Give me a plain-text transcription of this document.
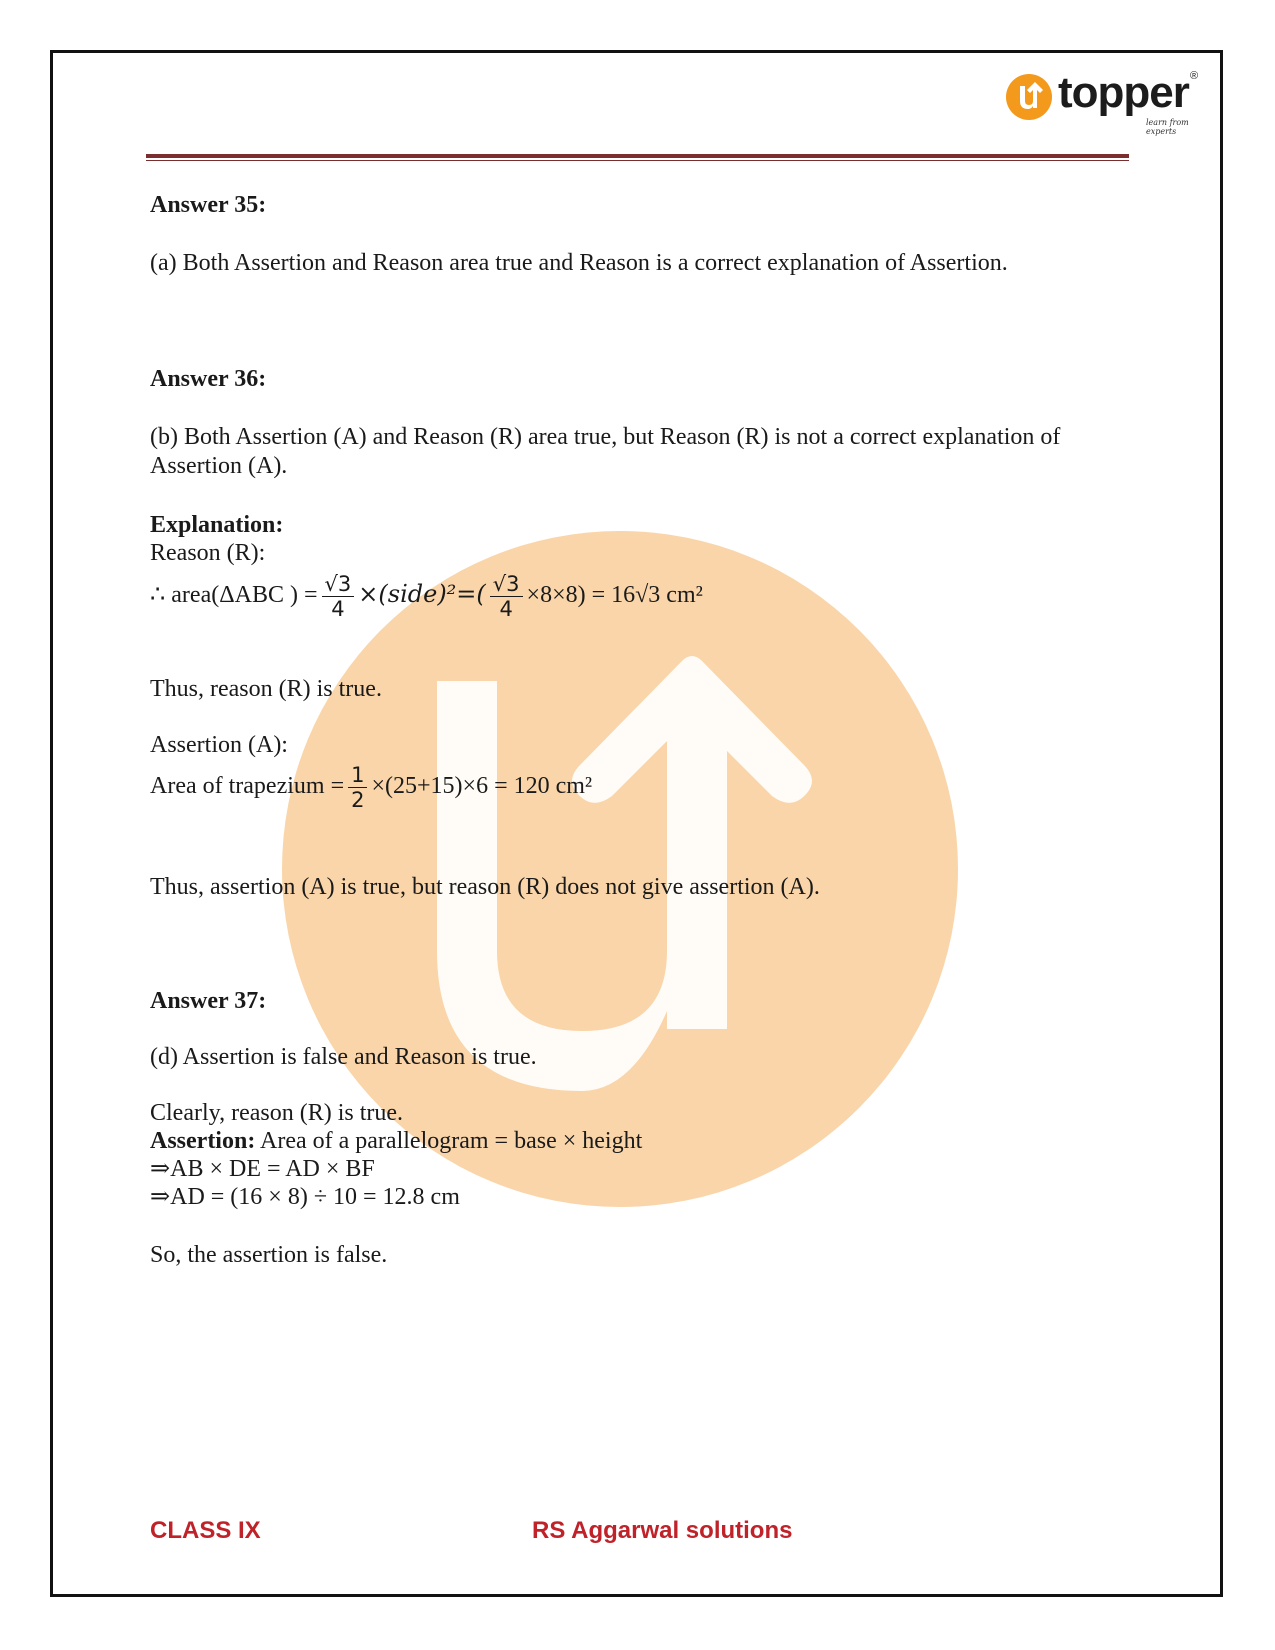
topper ®
learn from experts
Answer 35:
(a) Both Assertion and Reason area true and Reason is a correct explanation of Assertion.
Answer 36:
(b) Both Assertion (A) and Reason (R) area true, but Reason (R) is not a correct explanation of Assertion (A).
Explanation:
Reason (R):
∴ area(ΔABC ) = $\frac{√3}{4}$ ×(side)²=( $\frac{√3}{4} \times 8\times 8) = 16√3$ cm²
Thus, reason (R) is true.
Assertion (A):
Area of trapezium = $\frac{1}{2} \times(25+15)\times 6 = 120$ cm²
Thus, assertion (A) is true, but reason (R) does not give assertion (A).
Answer 37:
(d) Assertion is false and Reason is true.
Clearly, reason (R) is true.
Assertion: Area of a parallelogram = base × height
⇒AB × DE = AD × BF
⇒AD = (16 × 8) ÷ 10 = 12.8 cm
So, the assertion is false.
CLASS IX	RS Aggarwal solutions
